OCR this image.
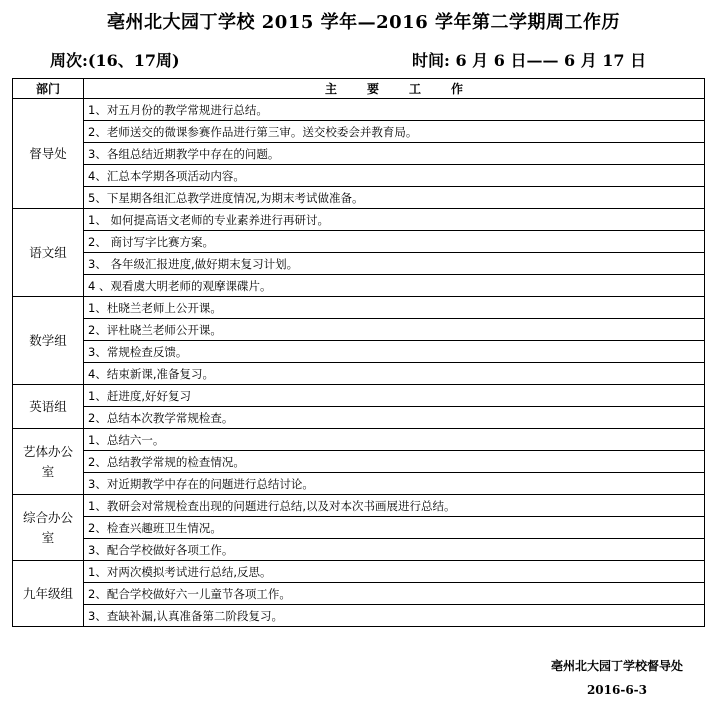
亳州北大园丁学校 2015 学年—2016 学年第二学期周工作历
周次:(16、17周)	时间: 6 月 6 日—— 6 月 17 日
部门	主要工作
督导处	1、对五月份的教学常规进行总结。
	2、老师送交的微课参赛作品进行第三审。送交校委会并教育局。
	3、各组总结近期教学中存在的问题。
	4、汇总本学期各项活动内容。
	5、下星期各组汇总教学进度情况,为期末考试做准备。
语文组	1、 如何提高语文老师的专业素养进行再研讨。
	2、 商讨写字比赛方案。
	3、 各年级汇报进度,做好期末复习计划。
	4 、观看虞大明老师的观摩课碟片。
数学组	1、杜晓兰老师上公开课。
	2、评杜晓兰老师公开课。
	3、常规检查反馈。
	4、结束新课,准备复习。
英语组	1、赶进度,好好复习
	2、总结本次教学常规检查。
艺体办公室	1、总结六一。
	2、总结教学常规的检查情况。
	3、对近期教学中存在的问题进行总结讨论。
综合办公室	1、教研会对常规检查出现的问题进行总结,以及对本次书画展进行总结。
	2、检查兴趣班卫生情况。
	3、配合学校做好各项工作。
九年级组	1、对两次模拟考试进行总结,反思。
	2、配合学校做好六一儿童节各项工作。
	3、查缺补漏,认真准备第二阶段复习。
亳州北大园丁学校督导处
2016-6-3
